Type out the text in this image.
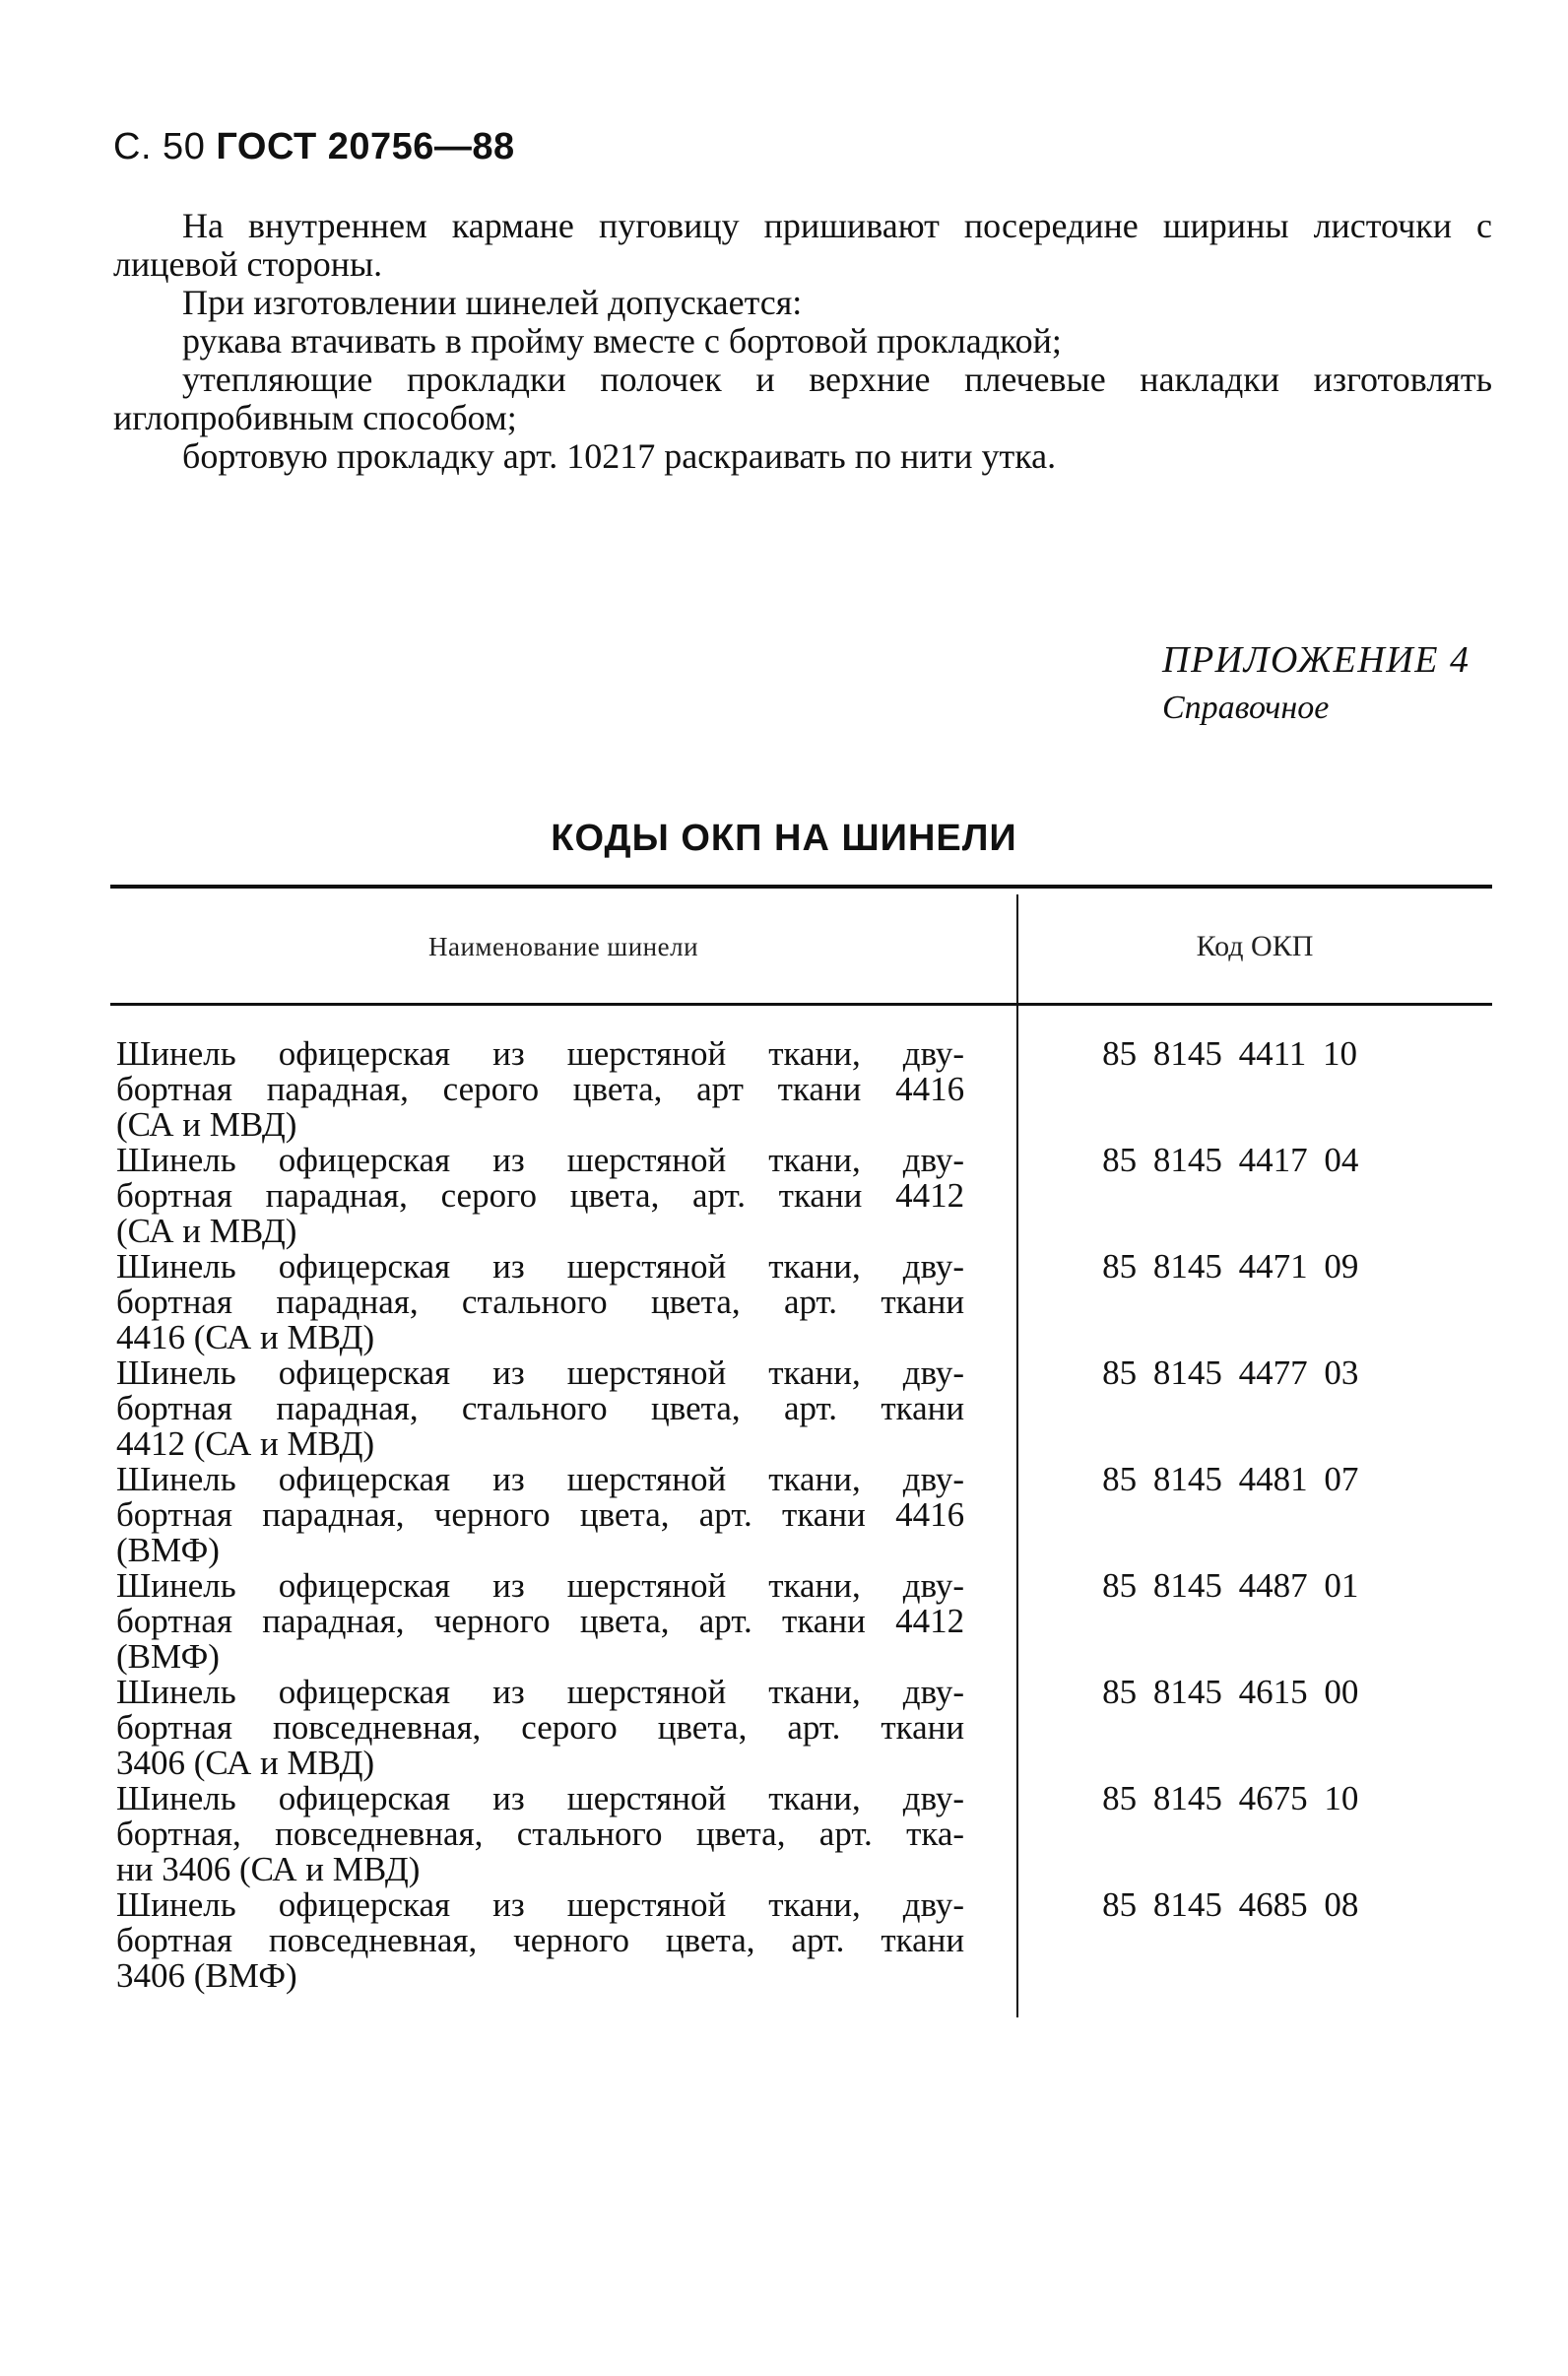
С. 50 ГОСТ 20756—88

На внутреннем кармане пуговицу пришивают посередине ширины листочки с лицевой стороны.

При изготовлении шинелей допускается:

рукава втачивать в пройму вместе с бортовой прокладкой;

утепляющие прокладки полочек и верхние плечевые накладки изготовлять иглопробивным способом;

бортовую прокладку арт. 10217 раскраивать по нити утка.

ПРИЛОЖЕНИЕ 4
Справочное
КОДЫ ОКП НА ШИНЕЛИ
Наименование шинели	Код ОКП
Шинель офицерская из шерстяной ткани, дву-
бортная парадная, серого цвета, арт ткани 4416
(СА и МВД)
85 8145 4411 10
Шинель офицерская из шерстяной ткани, дву-
бортная парадная, серого цвета, арт. ткани 4412
(СА и МВД)
85 8145 4417 04
Шинель офицерская из шерстяной ткани, дву-
бортная парадная, стального цвета, арт. ткани
4416 (СА и МВД)
85 8145 4471 09
Шинель офицерская из шерстяной ткани, дву-
бортная парадная, стального цвета, арт. ткани
4412 (СА и МВД)
85 8145 4477 03
Шинель офицерская из шерстяной ткани, дву-
бортная парадная, черного цвета, арт. ткани 4416
(ВМФ)
85 8145 4481 07
Шинель офицерская из шерстяной ткани, дву-
бортная парадная, черного цвета, арт. ткани 4412
(ВМФ)
85 8145 4487 01
Шинель офицерская из шерстяной ткани, дву-
бортная повседневная, серого цвета, арт. ткани
3406 (СА и МВД)
85 8145 4615 00
Шинель офицерская из шерстяной ткани, дву-
бортная, повседневная, стального цвета, арт. тка-
ни 3406 (СА и МВД)
85 8145 4675 10
Шинель офицерская из шерстяной ткани, дву-
бортная повседневная, черного цвета, арт. ткани
3406 (ВМФ)
85 8145 4685 08
